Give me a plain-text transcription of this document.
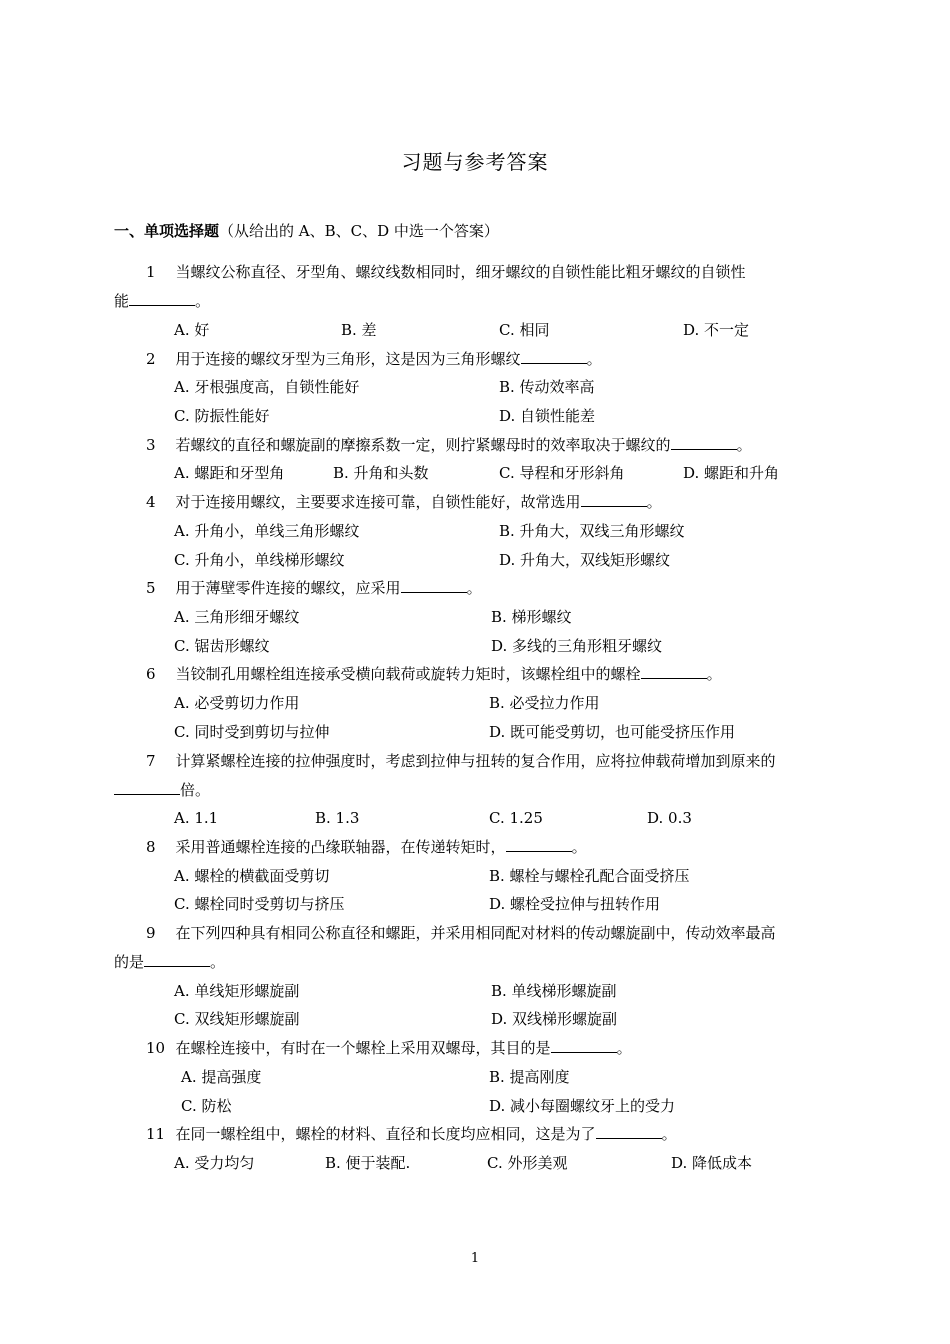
习题与参考答案
一、单项选择题（从给出的 A、B、C、D 中选一个答案）
1 当螺纹公称直径、牙型角、螺纹线数相同时，细牙螺纹的自锁性能比粗牙螺纹的自锁性
能	。
A. 好	B. 差	C. 相同	D. 不一定
2 用于连接的螺纹牙型为三角形，这是因为三角形螺纹	。
A. 牙根强度高，自锁性能好	B. 传动效率高
C. 防振性能好	D. 自锁性能差
3 若螺纹的直径和螺旋副的摩擦系数一定，则拧紧螺母时的效率取决于螺纹的	。
A. 螺距和牙型角	B. 升角和头数	C. 导程和牙形斜角	D. 螺距和升角
4 对于连接用螺纹，主要要求连接可靠，自锁性能好，故常选用	。
A. 升角小，单线三角形螺纹	B. 升角大，双线三角形螺纹
C. 升角小，单线梯形螺纹	D. 升角大，双线矩形螺纹
5 用于薄壁零件连接的螺纹，应采用	。
A. 三角形细牙螺纹	B. 梯形螺纹
C. 锯齿形螺纹	D. 多线的三角形粗牙螺纹
6 当铰制孔用螺栓组连接承受横向载荷或旋转力矩时，该螺栓组中的螺栓	。
A. 必受剪切力作用	B. 必受拉力作用
C. 同时受到剪切与拉伸	D. 既可能受剪切，也可能受挤压作用
7 计算紧螺栓连接的拉伸强度时，考虑到拉伸与扭转的复合作用，应将拉伸载荷增加到原来的
倍。
A. 1.1	B. 1.3	C. 1.25	D. 0.3
8 采用普通螺栓连接的凸缘联轴器，在传递转矩时，	。
A. 螺栓的横截面受剪切	B. 螺栓与螺栓孔配合面受挤压
C. 螺栓同时受剪切与挤压	D. 螺栓受拉伸与扭转作用
9 在下列四种具有相同公称直径和螺距，并采用相同配对材料的传动螺旋副中，传动效率最高
的是	。
A. 单线矩形螺旋副	B. 单线梯形螺旋副
C. 双线矩形螺旋副	D. 双线梯形螺旋副
10 在螺栓连接中，有时在一个螺栓上采用双螺母，其目的是	。
A. 提高强度	B. 提高刚度
C. 防松	D. 减小每圈螺纹牙上的受力
11 在同一螺栓组中，螺栓的材料、直径和长度均应相同，这是为了	。
A. 受力均匀	B. 便于装配.	C. 外形美观	D. 降低成本
1
